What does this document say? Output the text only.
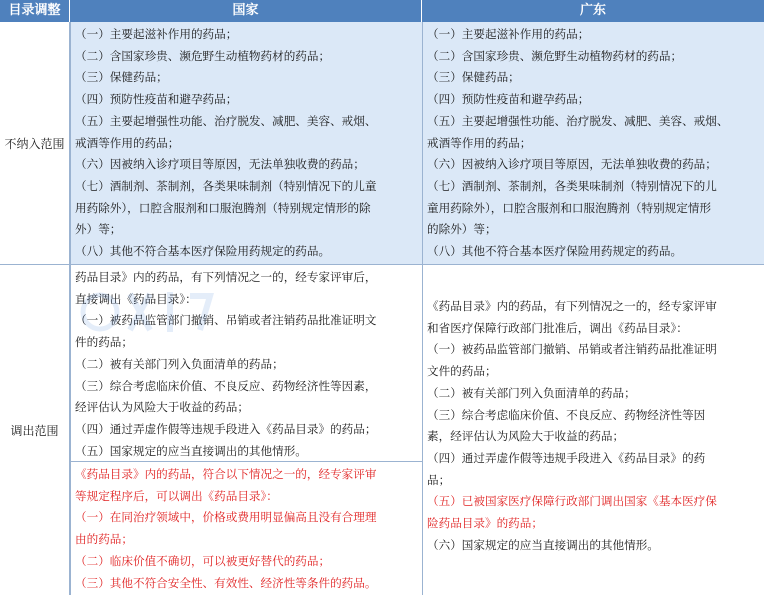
目录调整	国家	广东
不纳入范围
（一）主要起滋补作用的药品；
（二）含国家珍贵、濒危野生动植物药材的药品；
（三）保健药品；
（四）预防性疫苗和避孕药品；
（五）主要起增强性功能、治疗脱发、减肥、美容、戒烟、
戒酒等作用的药品；
（六）因被纳入诊疗项目等原因，无法单独收费的药品；
（七）酒制剂、茶制剂，各类果味制剂（特别情况下的儿童
用药除外），口腔含服剂和口服泡腾剂（特别规定情形的除
外）等；
（八）其他不符合基本医疗保险用药规定的药品。
（一）主要起滋补作用的药品；
（二）含国家珍贵、濒危野生动植物药材的药品；
（三）保健药品；
（四）预防性疫苗和避孕药品；
（五）主要起增强性功能、治疗脱发、减肥、美容、戒烟、
戒酒等作用的药品；
（六）因被纳入诊疗项目等原因，无法单独收费的药品；
（七）酒制剂、茶制剂，各类果味制剂（特别情况下的儿
童用药除外），口腔含服剂和口服泡腾剂（特别规定情形
的除外）等；
（八）其他不符合基本医疗保险用药规定的药品。
调出范围
药品目录》内的药品，有下列情况之一的，经专家评审后，
直接调出《药品目录》：
（一）被药品监管部门撤销、吊销或者注销药品批准证明文
件的药品；
（二）被有关部门列入负面清单的药品；
（三）综合考虑临床价值、不良反应、药物经济性等因素，
经评估认为风险大于收益的药品；
（四）通过弄虚作假等违规手段进入《药品目录》的药品；
（五）国家规定的应当直接调出的其他情形。
《药品目录》内的药品，符合以下情况之一的，经专家评审
等规定程序后，可以调出《药品目录》：
（一）在同治疗领域中，价格或费用明显偏高且没有合理理
由的药品；
（二）临床价值不确切，可以被更好替代的药品；
（三）其他不符合安全性、有效性、经济性等条件的药品。
《药品目录》内的药品，有下列情况之一的，经专家评审
和省医疗保障行政部门批准后，调出《药品目录》：
（一）被药品监管部门撤销、吊销或者注销药品批准证明
文件的药品；
（二）被有关部门列入负面清单的药品；
（三）综合考虑临床价值、不良反应、药物经济性等因
素，经评估认为风险大于收益的药品；
（四）通过弄虚作假等违规手段进入《药品目录》的药
品；
（五）已被国家医疗保障行政部门调出国家《基本医疗保
险药品目录》的药品；
（六）国家规定的应当直接调出的其他情形。
